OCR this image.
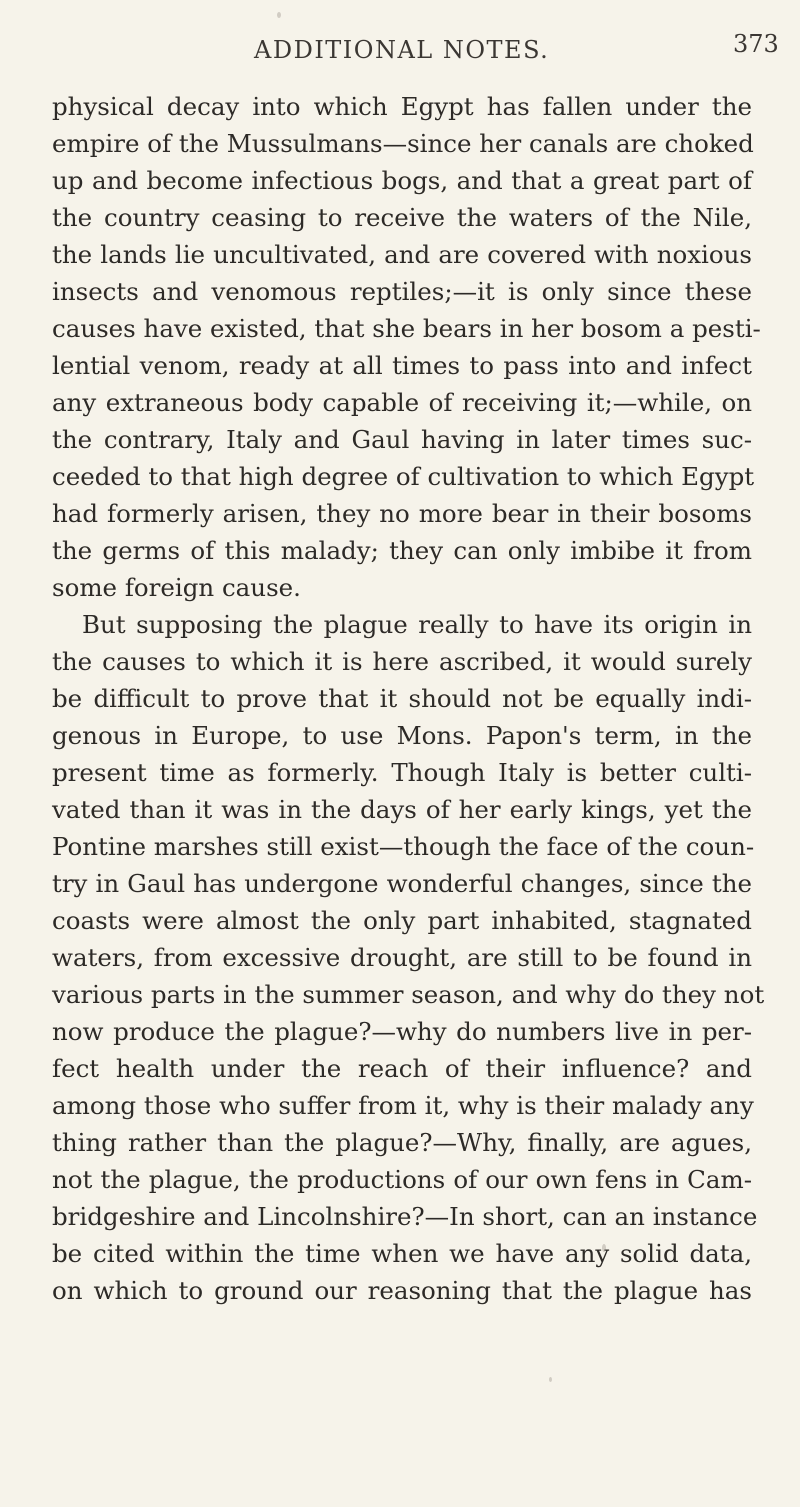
ADDITIONAL NOTES.	373
physical decay into which Egypt has fallen under the
empire of the Mussulmans—since her canals are choked
up and become infectious bogs, and that a great part of
the country ceasing to receive the waters of the Nile,
the lands lie uncultivated, and are covered with noxious
insects and venomous reptiles;—it is only since these
causes have existed, that she bears in her bosom a pesti-
lential venom, ready at all times to pass into and infect
any extraneous body capable of receiving it;—while, on
the contrary, Italy and Gaul having in later times suc-
ceeded to that high degree of cultivation to which Egypt
had formerly arisen, they no more bear in their bosoms
the germs of this malady; they can only imbibe it from
some foreign cause.
But supposing the plague really to have its origin in
the causes to which it is here ascribed, it would surely
be difficult to prove that it should not be equally indi-
genous in Europe, to use Mons. Papon's term, in the
present time as formerly. Though Italy is better culti-
vated than it was in the days of her early kings, yet the
Pontine marshes still exist—though the face of the coun-
try in Gaul has undergone wonderful changes, since the
coasts were almost the only part inhabited, stagnated
waters, from excessive drought, are still to be found in
various parts in the summer season, and why do they not
now produce the plague?—why do numbers live in per-
fect health under the reach of their influence? and
among those who suffer from it, why is their malady any
thing rather than the plague?—Why, finally, are agues,
not the plague, the productions of our own fens in Cam-
bridgeshire and Lincolnshire?—In short, can an instance
be cited within the time when we have any solid data,
on which to ground our reasoning that the plague has
